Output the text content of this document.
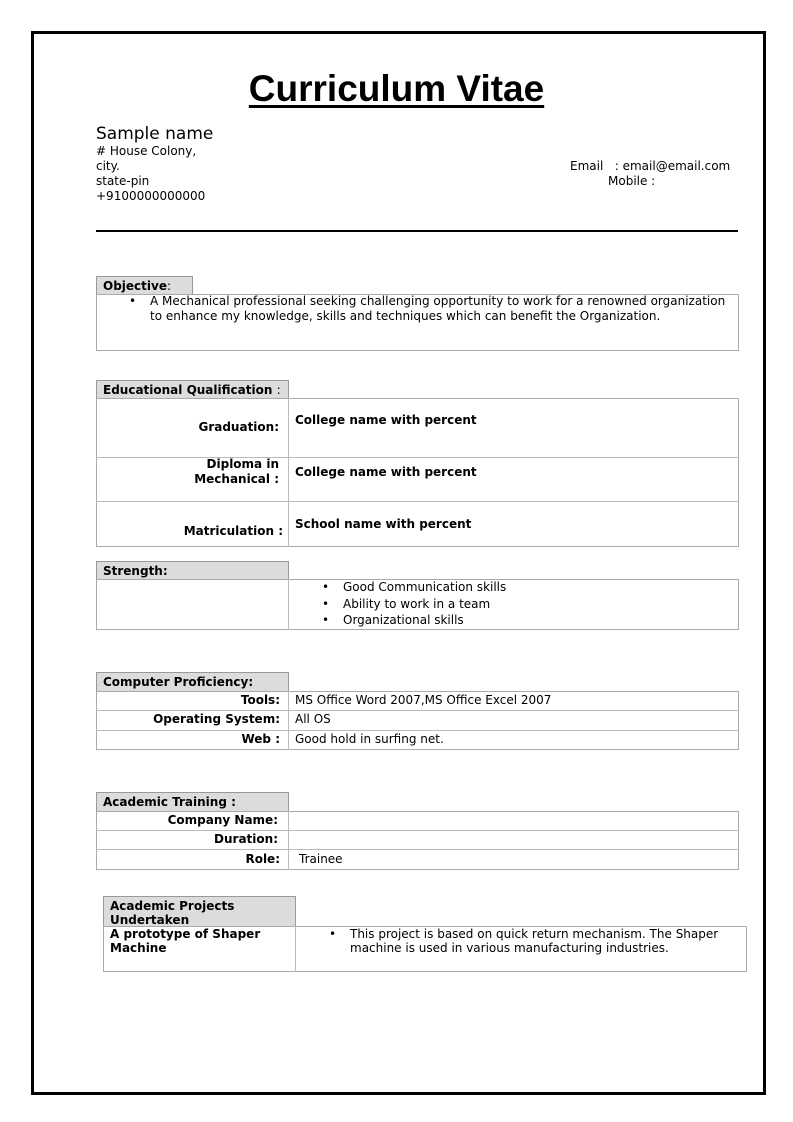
Curriculum Vitae
Sample name
# House Colony,
city.
state-pin
+9100000000000
Email : email@email.com
Mobile :
Objective:
• A Mechanical professional seeking challenging opportunity to work for a renowned organization to enhance my knowledge, skills and techniques which can benefit the Organization.
Educational Qualification :
Graduation: College name with percent
Diploma in Mechanical : College name with percent
Matriculation : School name with percent
Strength:
• Good Communication skills
• Ability to work in a team
• Organizational skills
Computer Proficiency:
Tools: MS Office Word 2007,MS Office Excel 2007
Operating System: All OS
Web : Good hold in surfing net.
Academic Training :
Company Name:
Duration:
Role: Trainee
Academic Projects Undertaken
A prototype of Shaper Machine
• This project is based on quick return mechanism. The Shaper machine is used in various manufacturing industries.
